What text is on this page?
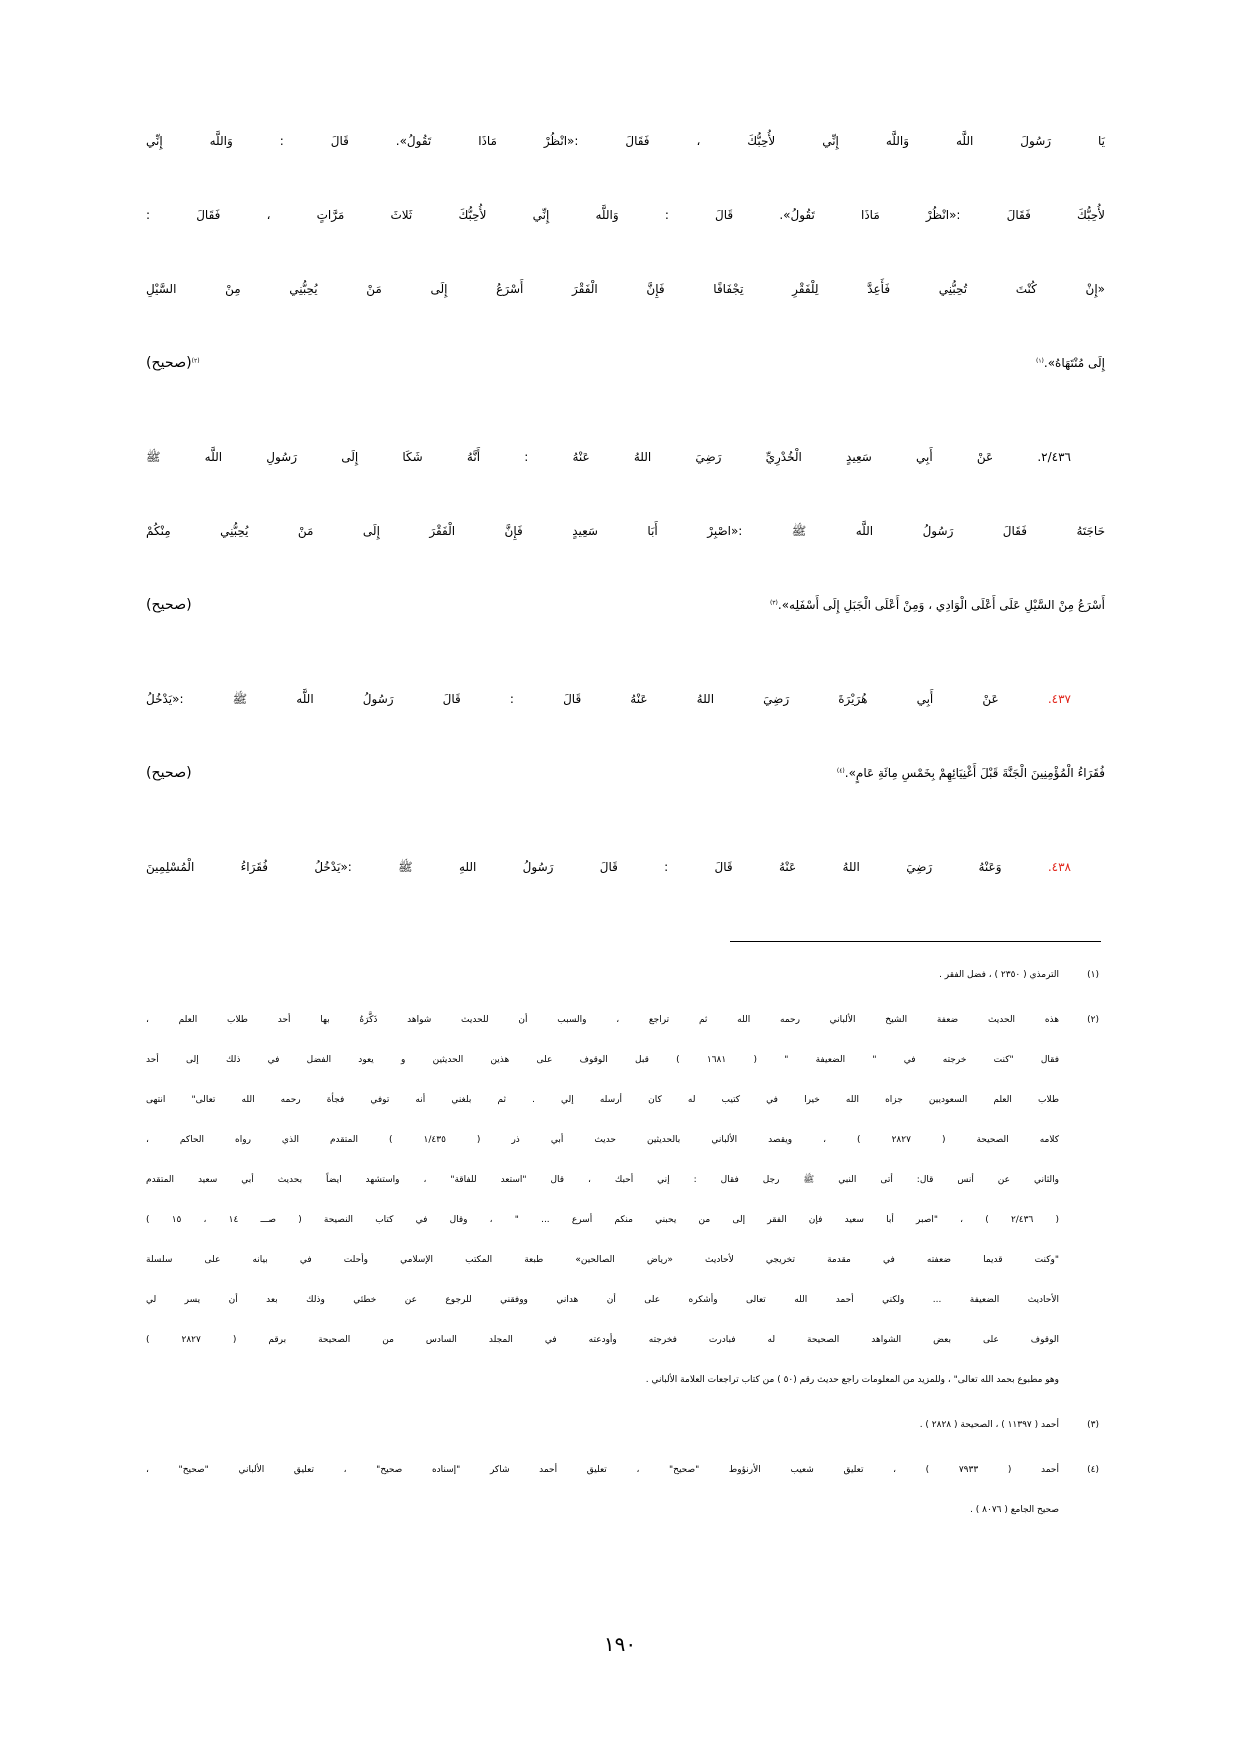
يَا رَسُولَ اللَّه وَاللَّه إِنِّي لأُحِبُّكَ ، فَقَالَ :«انْظُرْ مَاذَا تَقُولُ». قَالَ : وَاللَّه إِنِّي
لأُحِبُّكَ فَقَالَ :«انْظُرْ مَاذَا تَقُولُ». قَالَ : وَاللَّه إِنِّي لأُحِبُّكَ ثَلاثَ مَرَّاتٍ ، فَقَالَ :
«إِنْ كُنْتَ تُحِبُّنِي فَأَعِدَّ لِلْفَقْرِ تِجْفَافًا فَإِنَّ الْفَقْرَ أَسْرَعُ إِلَى مَنْ يُحِبُّنِي مِنْ السَّيْلِ
إِلَى مُنْتَهَاهُ».$^{(١)}$
$^{(٢)}$(صحيح)
٢/٤٣٦. عَنْ أَبِي سَعِيدٍ الْخُدْرِيِّ رَضِيَ اللهُ عَنْهُ : أَنَّهُ شَكَا إِلَى رَسُولِ اللَّه ﷺ
حَاجَتَهُ فَقَالَ رَسُولُ اللَّه ﷺ :«اصْبِرْ أَبَا سَعِيدٍ فَإِنَّ الْفَقْرَ إِلَى مَنْ يُحِبُّنِي مِنْكُمْ
أَسْرَعُ مِنْ السَّيْلِ عَلَى أَعْلَى الْوَادِي ، وَمِنْ أَعْلَى الْجَبَلِ إِلَى أَسْفَلِه».$^{(٣)}$
(صحيح)
٤٣٧. عَنْ أَبِي هُرَيْرَةَ رَضِيَ اللهُ عَنْهُ قَالَ : قَالَ رَسُولُ اللَّه ﷺ :«يَدْخُلُ
فُقَرَاءُ الْمُؤْمِنِينَ الْجَنَّةَ قَبْلَ أَغْنِيَائِهِمْ بِخَمْسِ مِائَةِ عَامٍ».$^{(٤)}$
(صحيح)
٤٣٨. وَعَنْهُ رَضِيَ اللهُ عَنْهُ قَالَ : قَالَ رَسُولُ اللهِ ﷺ :«يَدْخُلُ فُقَرَاءُ الْمُسْلِمِينَ
(١)الترمذي ( ٢٣٥٠ ) ، فضل الفقر .
(٢)هذه الحديث ضعفة الشيخ الألباني رحمه الله ثم تراجع ، والسبب أن للحديث شواهد ذَكَّرَهُ بها أحد طلاب العلم ،
فقال "كنت خرجته في " الضعيفة " ( ١٦٨١ ) قبل الوقوف على هذين الحديثين و يعود الفضل في ذلك إلى أحد
طلاب العلم السعوديين جزاه الله خيرا في كتيب له كان أرسله إلي . ثم بلغني أنه توفي فجأة رحمه الله تعالى" انتهى
كلامه الصحيحة ( ٢٨٢٧ ) ، ويقصد الألباني بالحديثين حديث أبي ذر ( ١/٤٣٥ ) المتقدم الذي رواه الحاكم ،
والثاني عن أنس قال: أتى النبي ﷺ رجل فقال : إني أحبك ، قال "استعد للفاقة" ، واستشهد ايضاً بحديث أبي سعيد المتقدم
( ٢/٤٣٦ ) ، "اصبر أبا سعيد فإن الفقر إلى من يحبني منكم أسرع ... " ، وقال في كتاب النصيحة ( صـــ ١٤ ، ١٥ )
"وكنت قديما ضعفته في مقدمة تخريجي لأحاديث «رياض الصالحين» طبعة المكتب الإسلامي وأحلت في بيانه على سلسلة
الأحاديث الضعيفة ... ولكني أحمد الله تعالى وأشكره على أن هداني ووفقني للرجوع عن خطئي وذلك بعد أن يسر لي
الوقوف على بعض الشواهد الصحيحة له فبادرت فخرجته وأودعته في المجلد السادس من الصحيحة برقم ( ٢٨٢٧ )
وهو مطبوع بحمد الله تعالى" ، وللمزيد من المعلومات راجع حديث رقم (٥٠ ) من كتاب تراجعات العلامة الألباني .
(٣)أحمد ( ١١٣٩٧ ) ، الصحيحة ( ٢٨٢٨ ) .
(٤)أحمد ( ٧٩٣٣ ) ، تعليق شعيب الأرنؤوط "صحيح" ، تعليق أحمد شاكر "إسناده صحيح" ، تعليق الألباني "صحيح" ،
صحيح الجامع ( ٨٠٧٦ ) .
١٩٠
